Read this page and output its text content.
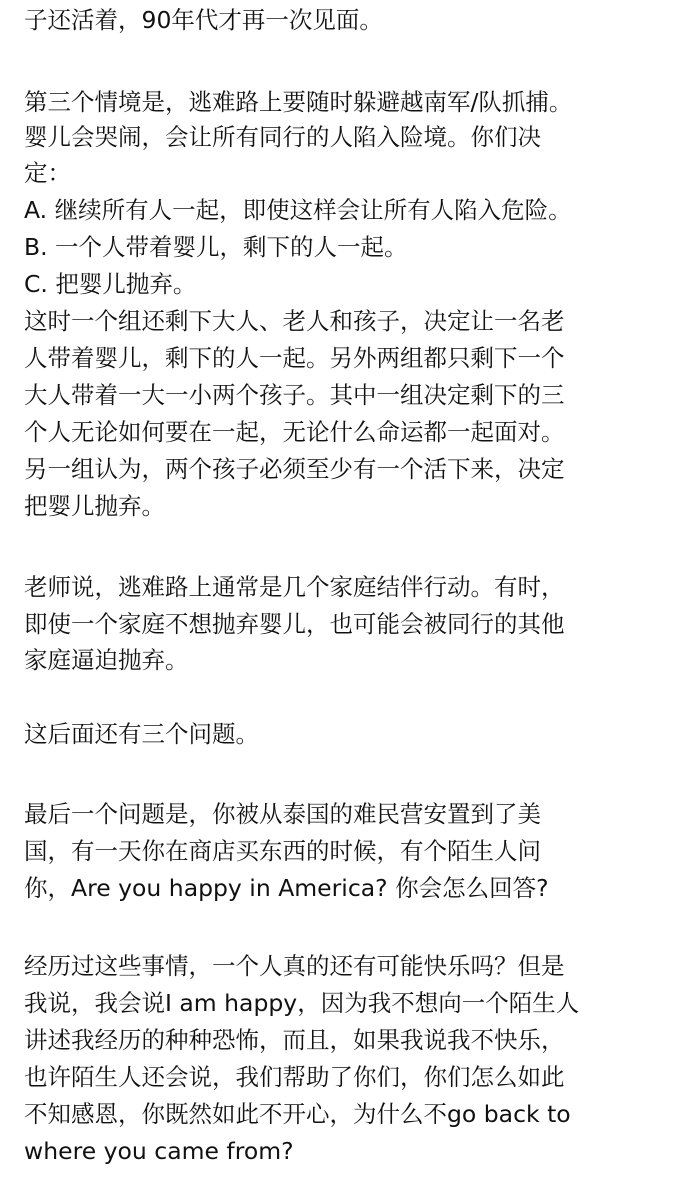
子还活着，90年代才再一次见面。

第三个情境是，逃难路上要随时躲避越南军/队抓捕。

婴儿会哭闹，会让所有同行的人陷入险境。你们决

定：

A. 继续所有人一起，即使这样会让所有人陷入危险。

B. 一个人带着婴儿，剩下的人一起。

C. 把婴儿抛弃。

这时一个组还剩下大人、老人和孩子，决定让一名老

人带着婴儿，剩下的人一起。另外两组都只剩下一个

大人带着一大一小两个孩子。其中一组决定剩下的三

个人无论如何要在一起，无论什么命运都一起面对。

另一组认为，两个孩子必须至少有一个活下来，决定

把婴儿抛弃。

老师说，逃难路上通常是几个家庭结伴行动。有时，

即使一个家庭不想抛弃婴儿，也可能会被同行的其他

家庭逼迫抛弃。

这后面还有三个问题。

最后一个问题是，你被从泰国的难民营安置到了美

国，有一天你在商店买东西的时候，有个陌生人问

你，Are you happy in America? 你会怎么回答?

经历过这些事情，一个人真的还有可能快乐吗？但是

我说，我会说I am happy，因为我不想向一个陌生人

讲述我经历的种种恐怖，而且，如果我说我不快乐，

也许陌生人还会说，我们帮助了你们，你们怎么如此

不知感恩，你既然如此不开心，为什么不go back to

where you came from?
